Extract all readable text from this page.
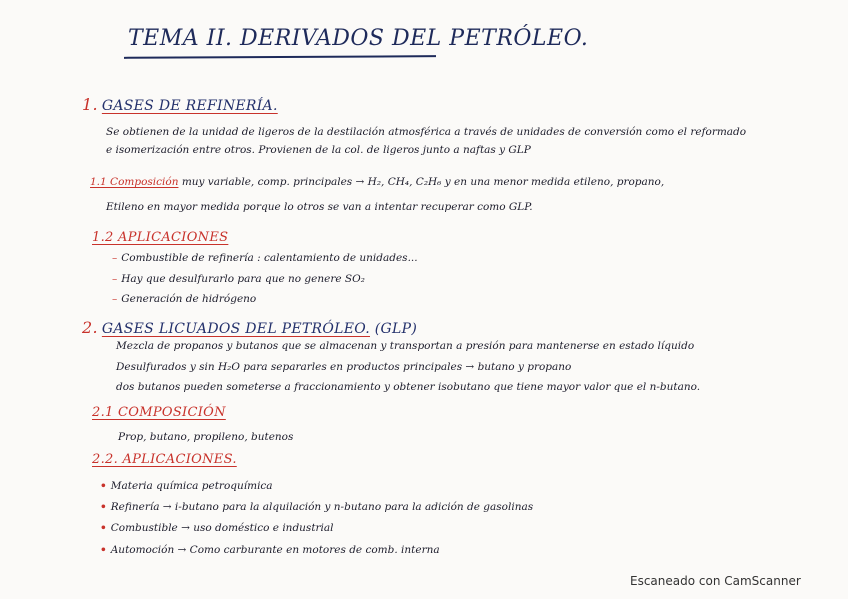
TEMA II. DERIVADOS DEL PETRÓLEO.
1. GASES DE REFINERÍA.
Se obtienen de la unidad de ligeros de la destilación atmosférica a través de unidades de conversión como el reformado
e isomerización entre otros. Provienen de la col. de ligeros junto a naftas y GLP
1.1 Composición muy variable, comp. principales → H₂, CH₄, C₂H₆ y en una menor medida etileno, propano,
Etileno en mayor medida porque lo otros se van a intentar recuperar como GLP.
1.2 APLICACIONES
– Combustible de refinería : calentamiento de unidades...
– Hay que desulfurarlo para que no genere SO₂
– Generación de hidrógeno
2. GASES LICUADOS DEL PETRÓLEO. (GLP)
Mezcla de propanos y butanos que se almacenan y transportan a presión para mantenerse en estado líquido
Desulfurados y sin H₂O para separarles en productos principales → butano y propano
dos butanos pueden someterse a fraccionamiento y obtener isobutano que tiene mayor valor que el n-butano.
2.1 COMPOSICIÓN
Prop, butano, propileno, butenos
2.2. APLICACIONES.
• Materia química petroquímica
• Refinería → i-butano para la alquilación y n-butano para la adición de gasolinas
• Combustible → uso doméstico e industrial
• Automoción → Como carburante en motores de comb. interna
Escaneado con CamScanner
